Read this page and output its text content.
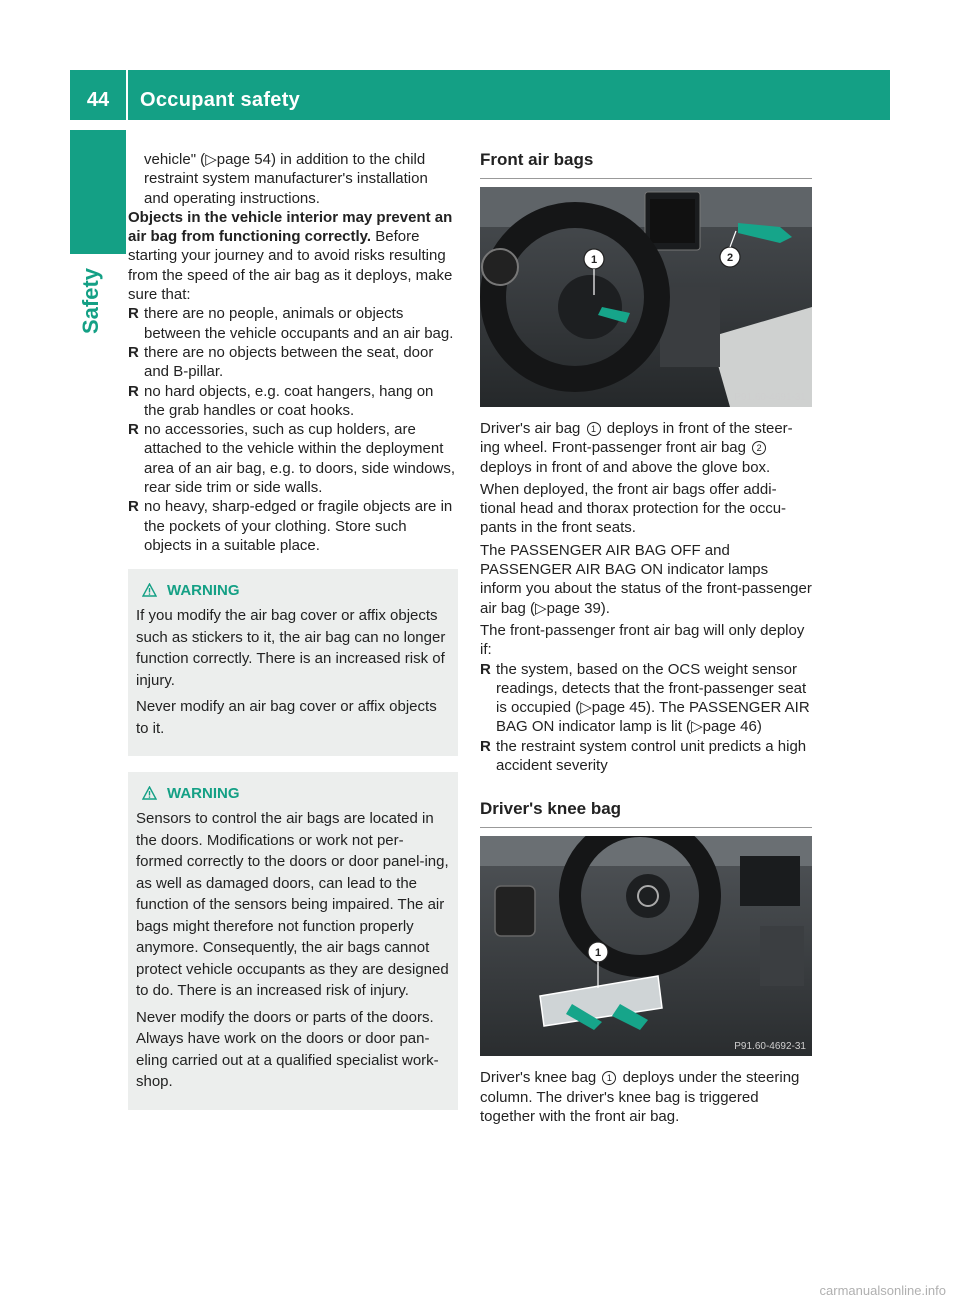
44	Occupant safety
Safety

vehicle" (▷page 54) in addition to the child
restraint system manufacturer's installation
and operating instructions.

Objects in the vehicle interior may prevent an air bag from functioning correctly. Before starting your journey and to avoid risks resulting from the speed of the air bag as it deploys, make sure that:

R there are no people, animals or objects between the vehicle occupants and an air bag.
R there are no objects between the seat, door and B-pillar.
R no hard objects, e.g. coat hangers, hang on the grab handles or coat hooks.
R no accessories, such as cup holders, are attached to the vehicle within the deployment area of an air bag, e.g. to doors, side windows, rear side trim or side walls.
R no heavy, sharp-edged or fragile objects are in the pockets of your clothing. Store such objects in a suitable place.
WARNING

If you modify the air bag cover or affix objects such as stickers to it, the air bag can no longer function correctly. There is an increased risk of injury.

Never modify an air bag cover or affix objects to it.

WARNING

Sensors to control the air bags are located in the doors. Modifications or work not per-formed correctly to the doors or door panel-ing, as well as damaged doors, can lead to the function of the sensors being impaired. The air bags might therefore not function properly anymore. Consequently, the air bags cannot protect vehicle occupants as they are designed to do. There is an increased risk of injury.

Never modify the doors or parts of the doors. Always have work on the doors or door pan-eling carried out at a qualified specialist work-shop.

Front air bags
1	2
P91.60-4691-31

Driver's air bag 1 deploys in front of the steer-ing wheel. Front-passenger front air bag 2 deploys in front of and above the glove box.

When deployed, the front air bags offer addi-tional head and thorax protection for the occu-pants in the front seats.

The PASSENGER AIR BAG OFF and PASSENGER AIR BAG ON indicator lamps inform you about the status of the front-passenger air bag (▷page 39).

The front-passenger front air bag will only deploy if:

R the system, based on the OCS weight sensor readings, detects that the front-passenger seat is occupied (▷page 45). The PASSENGER AIR BAG ON indicator lamp is lit (▷page 46)
R the restraint system control unit predicts a high accident severity
Driver's knee bag
1
P91.60-4692-31

Driver's knee bag 1 deploys under the steering column. The driver's knee bag is triggered together with the front air bag.

carmanualsonline.info
